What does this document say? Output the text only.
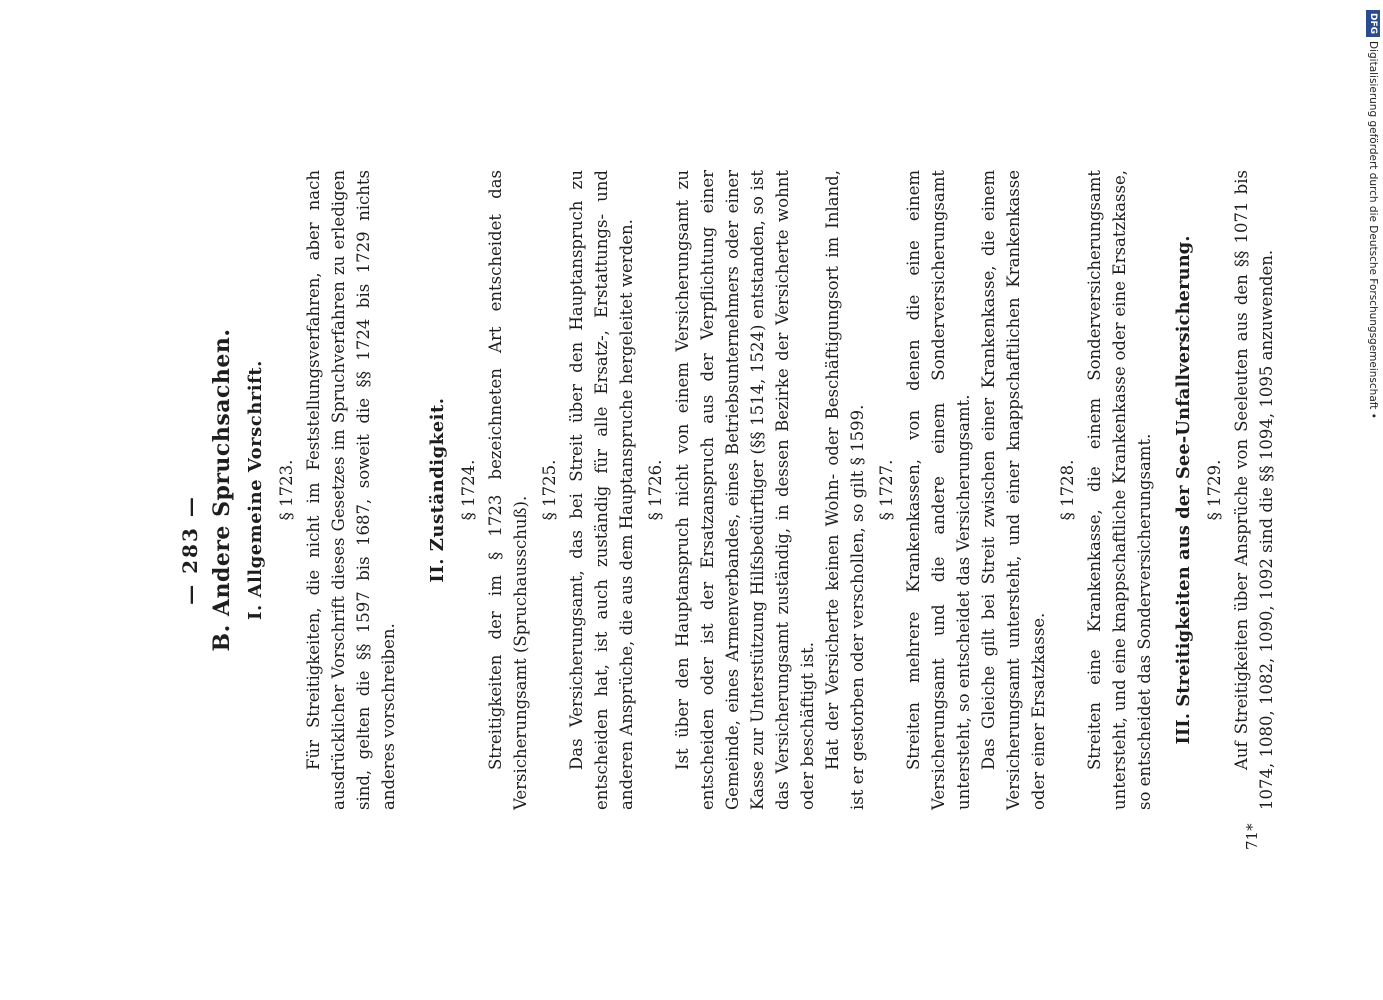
— 283 — B. Andere Spruchsachen. I. Allgemeine Vorschrift. § 1723. Für Streitigkeiten, die nicht im Feststellungsverfahren, aber nach ausdrücklicher Vorschrift dieses Gesetzes im Spruchverfahren zu erledigen sind, gelten die §§ 1597 bis 1687, soweit die §§ 1724 bis 1729 nichts anderes vorschreiben.

II. Zuständigkeit. § 1724. Streitigkeiten der im § 1723 bezeichneten Art entscheidet das Versicherungsamt (Spruchausschuß).

§ 1725. Das Versicherungsamt, das bei Streit über den Hauptanspruch zu entscheiden hat, ist auch zuständig für alle Ersatz-, Erstattungs- und anderen Ansprüche, die aus dem Hauptanspruche hergeleitet werden. § 1726. Ist über den Hauptanspruch nicht von einem Versicherungsamt zu entscheiden oder ist der Ersatzanspruch aus der Verpflichtung einer Gemeinde, eines Armenverbandes, eines Betriebsunternehmers oder einer Kasse zur Unterstützung Hilfsbedürftiger (§§ 1514, 1524) entstanden, so ist das Versicherungsamt zuständig, in dessen Bezirke der Versicherte wohnt oder beschäftigt ist. Hat der Versicherte keinen Wohn- oder Beschäftigungsort im Inland, ist er gestorben oder verschollen, so gilt § 1599. § 1727. Streiten mehrere Krankenkassen, von denen die eine einem Versicherungsamt und die andere einem Sonderversicherungsamt untersteht, so entscheidet das Versicherungsamt. Das Gleiche gilt bei Streit zwischen einer Krankenkasse, die einem Versicherungsamt untersteht, und einer knappschaftlichen Krankenkasse oder einer Ersatzkasse.

§ 1728. Streiten eine Krankenkasse, die einem Sonderversicherungsamt untersteht, und eine knappschaftliche Krankenkasse oder eine Ersatzkasse, so entscheidet das Sonderversicherungsamt. III. Streitigkeiten aus der See-Unfallversicherung. § 1729. Auf Streitigkeiten über Ansprüche von Seeleuten aus den §§ 1071 bis 1074, 1080, 1082, 1090, 1092 sind die §§ 1094, 1095 anzuwenden.

71*
DFG
Digitalisierung gefördert durch die Deutsche Forschungsgemeinschaft •
